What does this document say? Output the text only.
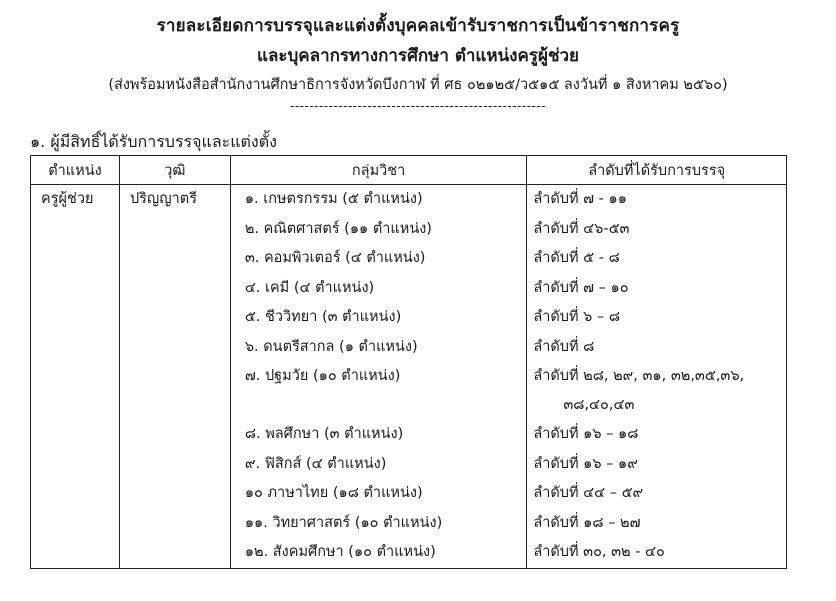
รายละเอียดการบรรจุและแต่งตั้งบุคคลเข้ารับราชการเป็นข้าราชการครู
และบุคลากรทางการศึกษา ตำแหน่งครูผู้ช่วย
(ส่งพร้อมหนังสือสำนักงานศึกษาธิการจังหวัดบึงกาฬ ที่ ศธ ๐๒๑๒๕/ว๕๑๕ ลงวันที่ ๑ สิงหาคม ๒๕๖๐)
-----------------------------------------------------
๑. ผู้มีสิทธิ์ได้รับการบรรจุและแต่งตั้ง
ตำแหน่ง	วุฒิ	กลุ่มวิชา	ลำดับที่ได้รับการบรรจุ
ครูผู้ช่วย	ปริญญาตรี	๑. เกษตรกรรม (๕ ตำแหน่ง)	ลำดับที่ ๗ - ๑๑
		๒. คณิตศาสตร์ (๑๑ ตำแหน่ง)	ลำดับที่ ๔๖-๕๓
		๓. คอมพิวเตอร์ (๔ ตำแหน่ง)	ลำดับที่ ๕ - ๘
		๔. เคมี (๔ ตำแหน่ง)	ลำดับที่ ๗ – ๑๐
		๕. ชีววิทยา (๓ ตำแหน่ง)	ลำดับที่ ๖ – ๘
		๖. ดนตรีสากล (๑ ตำแหน่ง)	ลำดับที่ ๘
		๗. ปฐมวัย (๑๐ ตำแหน่ง)	ลำดับที่ ๒๘, ๒๙, ๓๑, ๓๒,๓๕,๓๖,
๓๘,๔๐,๔๓

		๘. พลศึกษา (๓ ตำแหน่ง)	ลำดับที่ ๑๖ – ๑๘
		๙. ฟิสิกส์ (๔ ตำแหน่ง)	ลำดับที่ ๑๖ – ๑๙
		๑๐ ภาษาไทย (๑๘ ตำแหน่ง)	ลำดับที่ ๔๔ – ๕๙
		๑๑. วิทยาศาสตร์ (๑๐ ตำแหน่ง)	ลำดับที่ ๑๘ – ๒๗
		๑๒. สังคมศึกษา (๑๐ ตำแหน่ง)	ลำดับที่ ๓๐, ๓๒ - ๔๐
